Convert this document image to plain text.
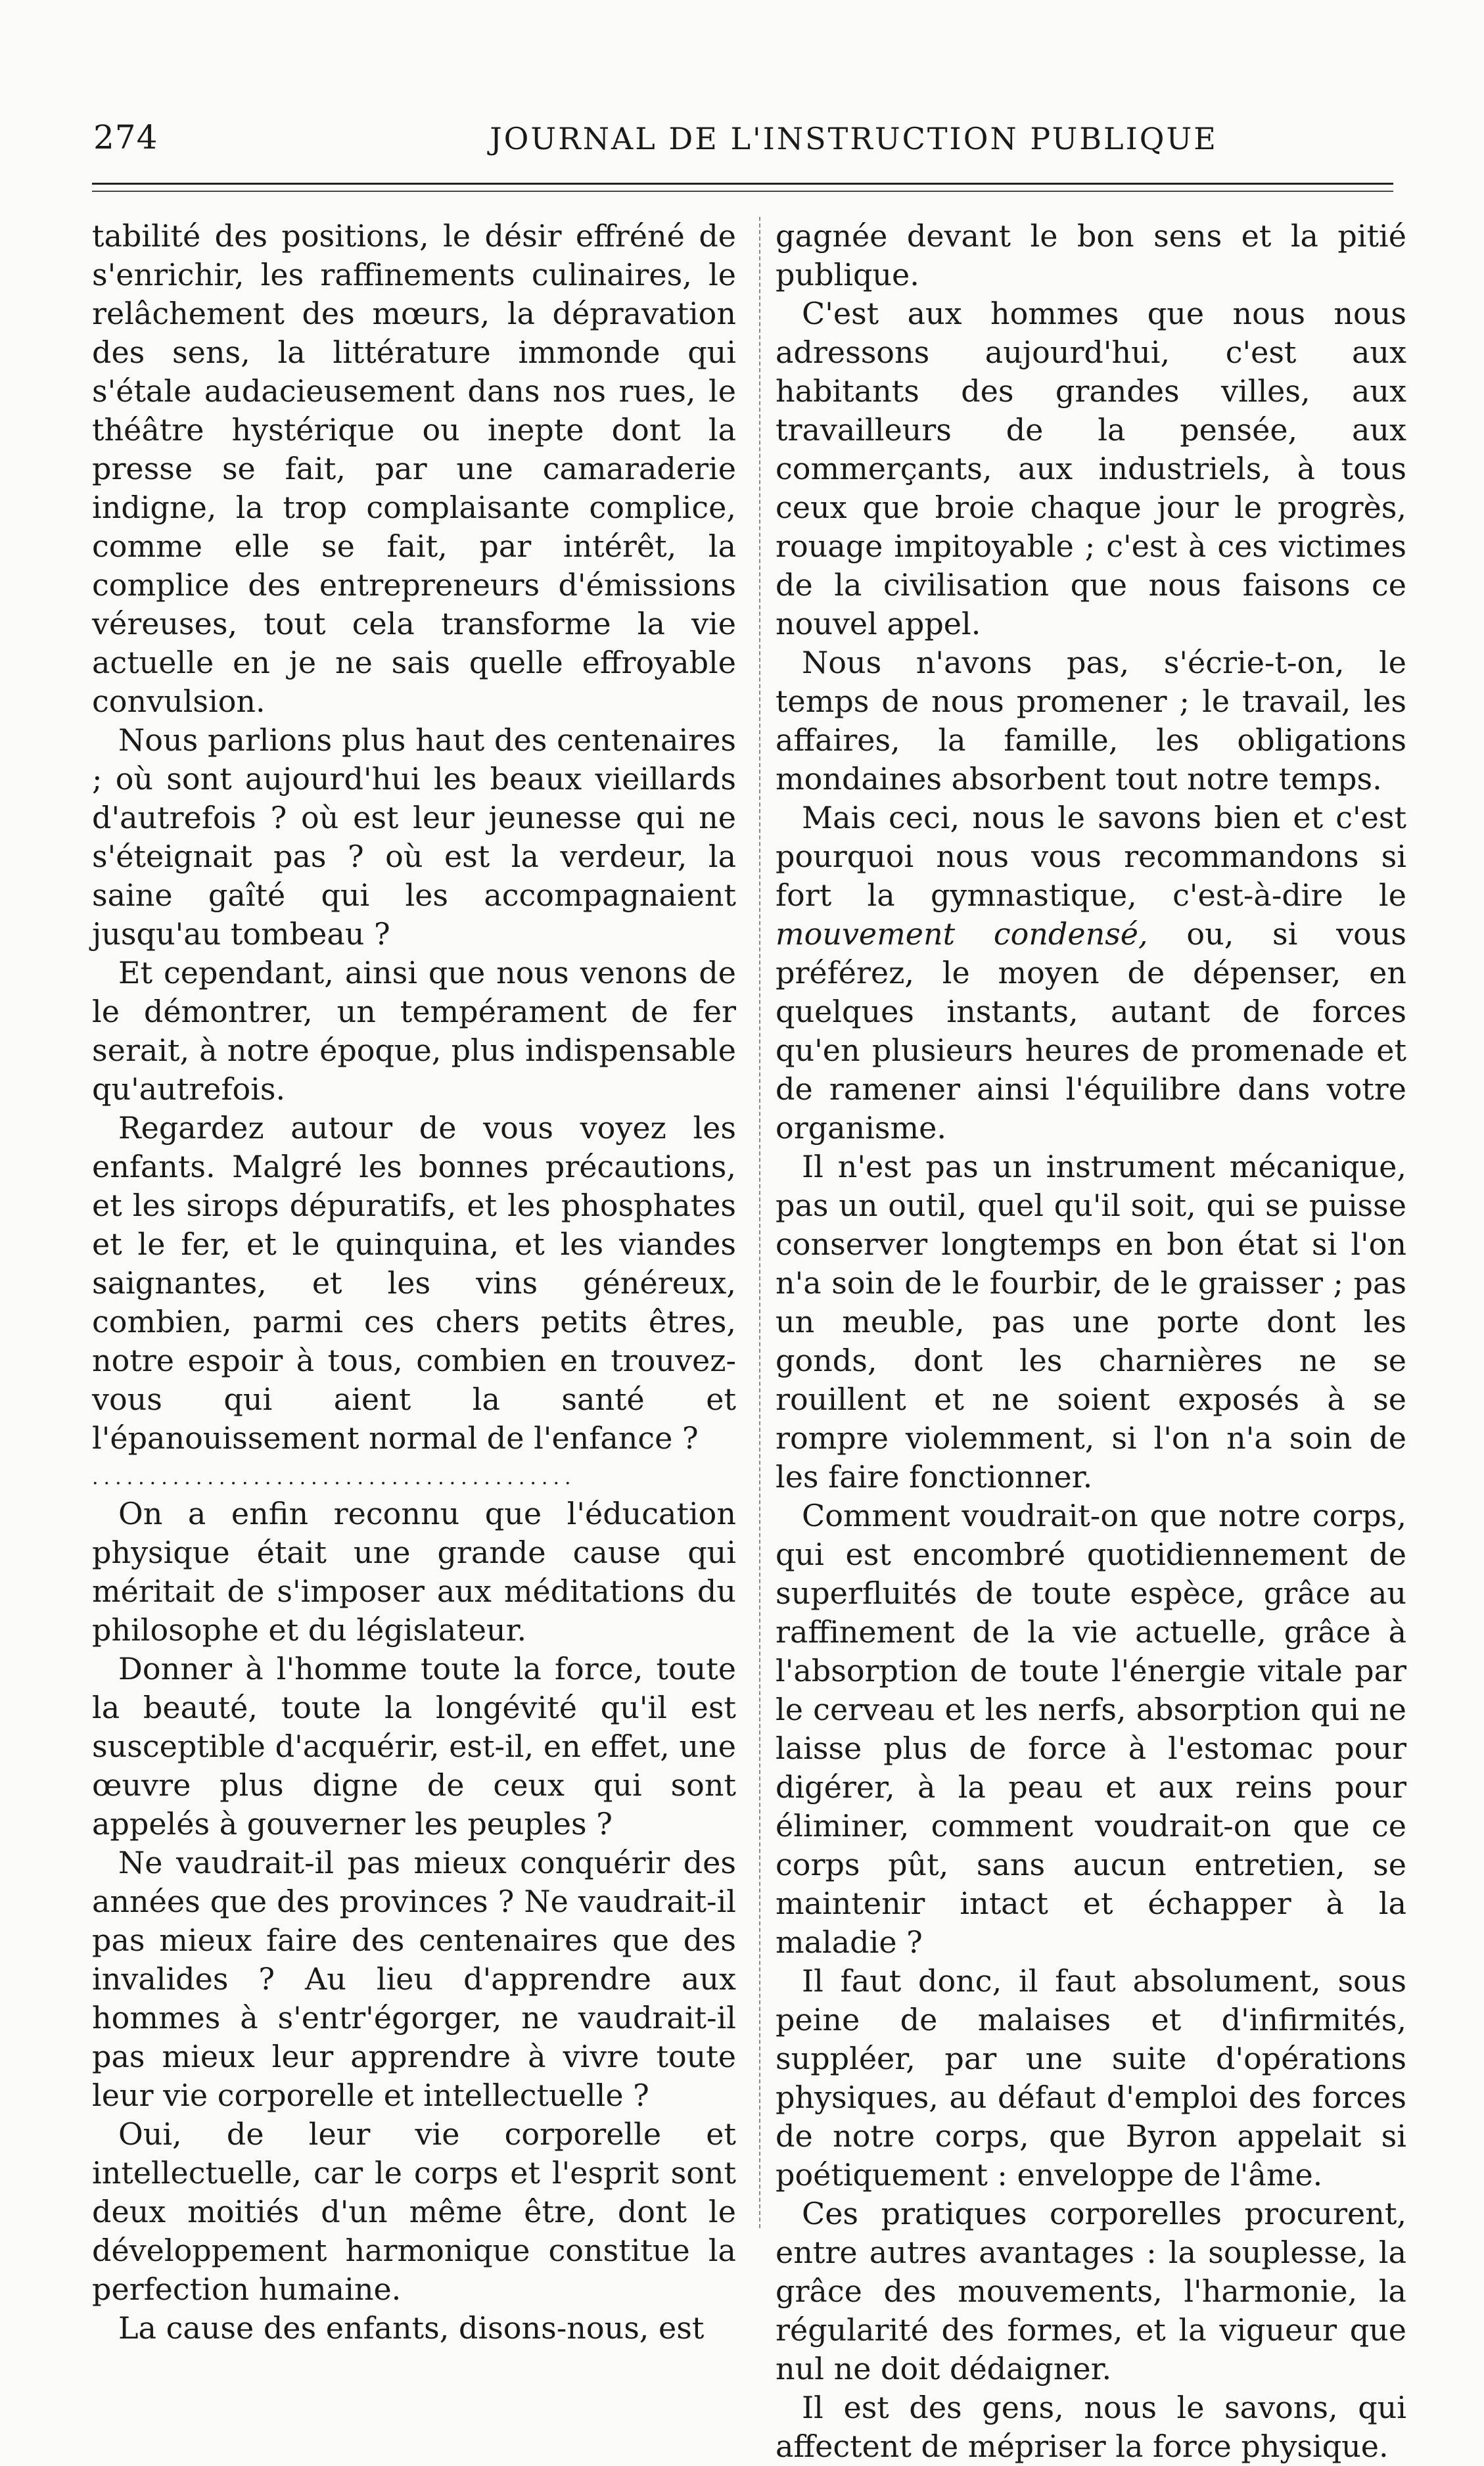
274	JOURNAL DE L'INSTRUCTION PUBLIQUE

tabilité des positions, le désir effréné de s'enrichir, les raffinements culinaires, le relâchement des mœurs, la dépravation des sens, la littérature immonde qui s'étale audacieusement dans nos rues, le théâtre hystérique ou inepte dont la presse se fait, par une camaraderie indigne, la trop complaisante complice, comme elle se fait, par intérêt, la complice des entrepreneurs d'émissions véreuses, tout cela transforme la vie actuelle en je ne sais quelle effroyable convulsion.

Nous parlions plus haut des centenaires ; où sont aujourd'hui les beaux vieillards d'autrefois ? où est leur jeunesse qui ne s'éteignait pas ? où est la verdeur, la saine gaîté qui les accompagnaient jusqu'au tombeau ?

Et cependant, ainsi que nous venons de le démontrer, un tempérament de fer serait, à notre époque, plus indispensable qu'autrefois.

Regardez autour de vous voyez les enfants. Malgré les bonnes précautions, et les sirops dépuratifs, et les phosphates et le fer, et le quinquina, et les viandes saignantes, et les vins généreux, combien, parmi ces chers petits êtres, notre espoir à tous, combien en trouvez-vous qui aient la santé et l'épanouissement normal de l'enfance ?

..........................................

On a enfin reconnu que l'éducation physique était une grande cause qui méritait de s'imposer aux méditations du philosophe et du législateur.

Donner à l'homme toute la force, toute la beauté, toute la longévité qu'il est susceptible d'acquérir, est-il, en effet, une œuvre plus digne de ceux qui sont appelés à gouverner les peuples ?

Ne vaudrait-il pas mieux conquérir des années que des provinces ? Ne vaudrait-il pas mieux faire des centenaires que des invalides ? Au lieu d'apprendre aux hommes à s'entr'égorger, ne vaudrait-il pas mieux leur apprendre à vivre toute leur vie corporelle et intellectuelle ?

Oui, de leur vie corporelle et intellectuelle, car le corps et l'esprit sont deux moitiés d'un même être, dont le développement harmonique constitue la perfection humaine.

La cause des enfants, disons-nous, est

gagnée devant le bon sens et la pitié publique.

C'est aux hommes que nous nous adressons aujourd'hui, c'est aux habitants des grandes villes, aux travailleurs de la pensée, aux commerçants, aux industriels, à tous ceux que broie chaque jour le progrès, rouage impitoyable ; c'est à ces victimes de la civilisation que nous faisons ce nouvel appel.

Nous n'avons pas, s'écrie-t-on, le temps de nous promener ; le travail, les affaires, la famille, les obligations mondaines absorbent tout notre temps.

Mais ceci, nous le savons bien et c'est pourquoi nous vous recommandons si fort la gymnastique, c'est-à-dire le mouvement condensé, ou, si vous préférez, le moyen de dépenser, en quelques instants, autant de forces qu'en plusieurs heures de promenade et de ramener ainsi l'équilibre dans votre organisme.

Il n'est pas un instrument mécanique, pas un outil, quel qu'il soit, qui se puisse conserver longtemps en bon état si l'on n'a soin de le fourbir, de le graisser ; pas un meuble, pas une porte dont les gonds, dont les charnières ne se rouillent et ne soient exposés à se rompre violemment, si l'on n'a soin de les faire fonctionner.

Comment voudrait-on que notre corps, qui est encombré quotidiennement de superfluités de toute espèce, grâce au raffinement de la vie actuelle, grâce à l'absorption de toute l'énergie vitale par le cerveau et les nerfs, absorption qui ne laisse plus de force à l'estomac pour digérer, à la peau et aux reins pour éliminer, comment voudrait-on que ce corps pût, sans aucun entretien, se maintenir intact et échapper à la maladie ?

Il faut donc, il faut absolument, sous peine de malaises et d'infirmités, suppléer, par une suite d'opérations physiques, au défaut d'emploi des forces de notre corps, que Byron appelait si poétiquement : enveloppe de l'âme.

Ces pratiques corporelles procurent, entre autres avantages : la souplesse, la grâce des mouvements, l'harmonie, la régularité des formes, et la vigueur que nul ne doit dédaigner.

Il est des gens, nous le savons, qui affectent de mépriser la force physique.
